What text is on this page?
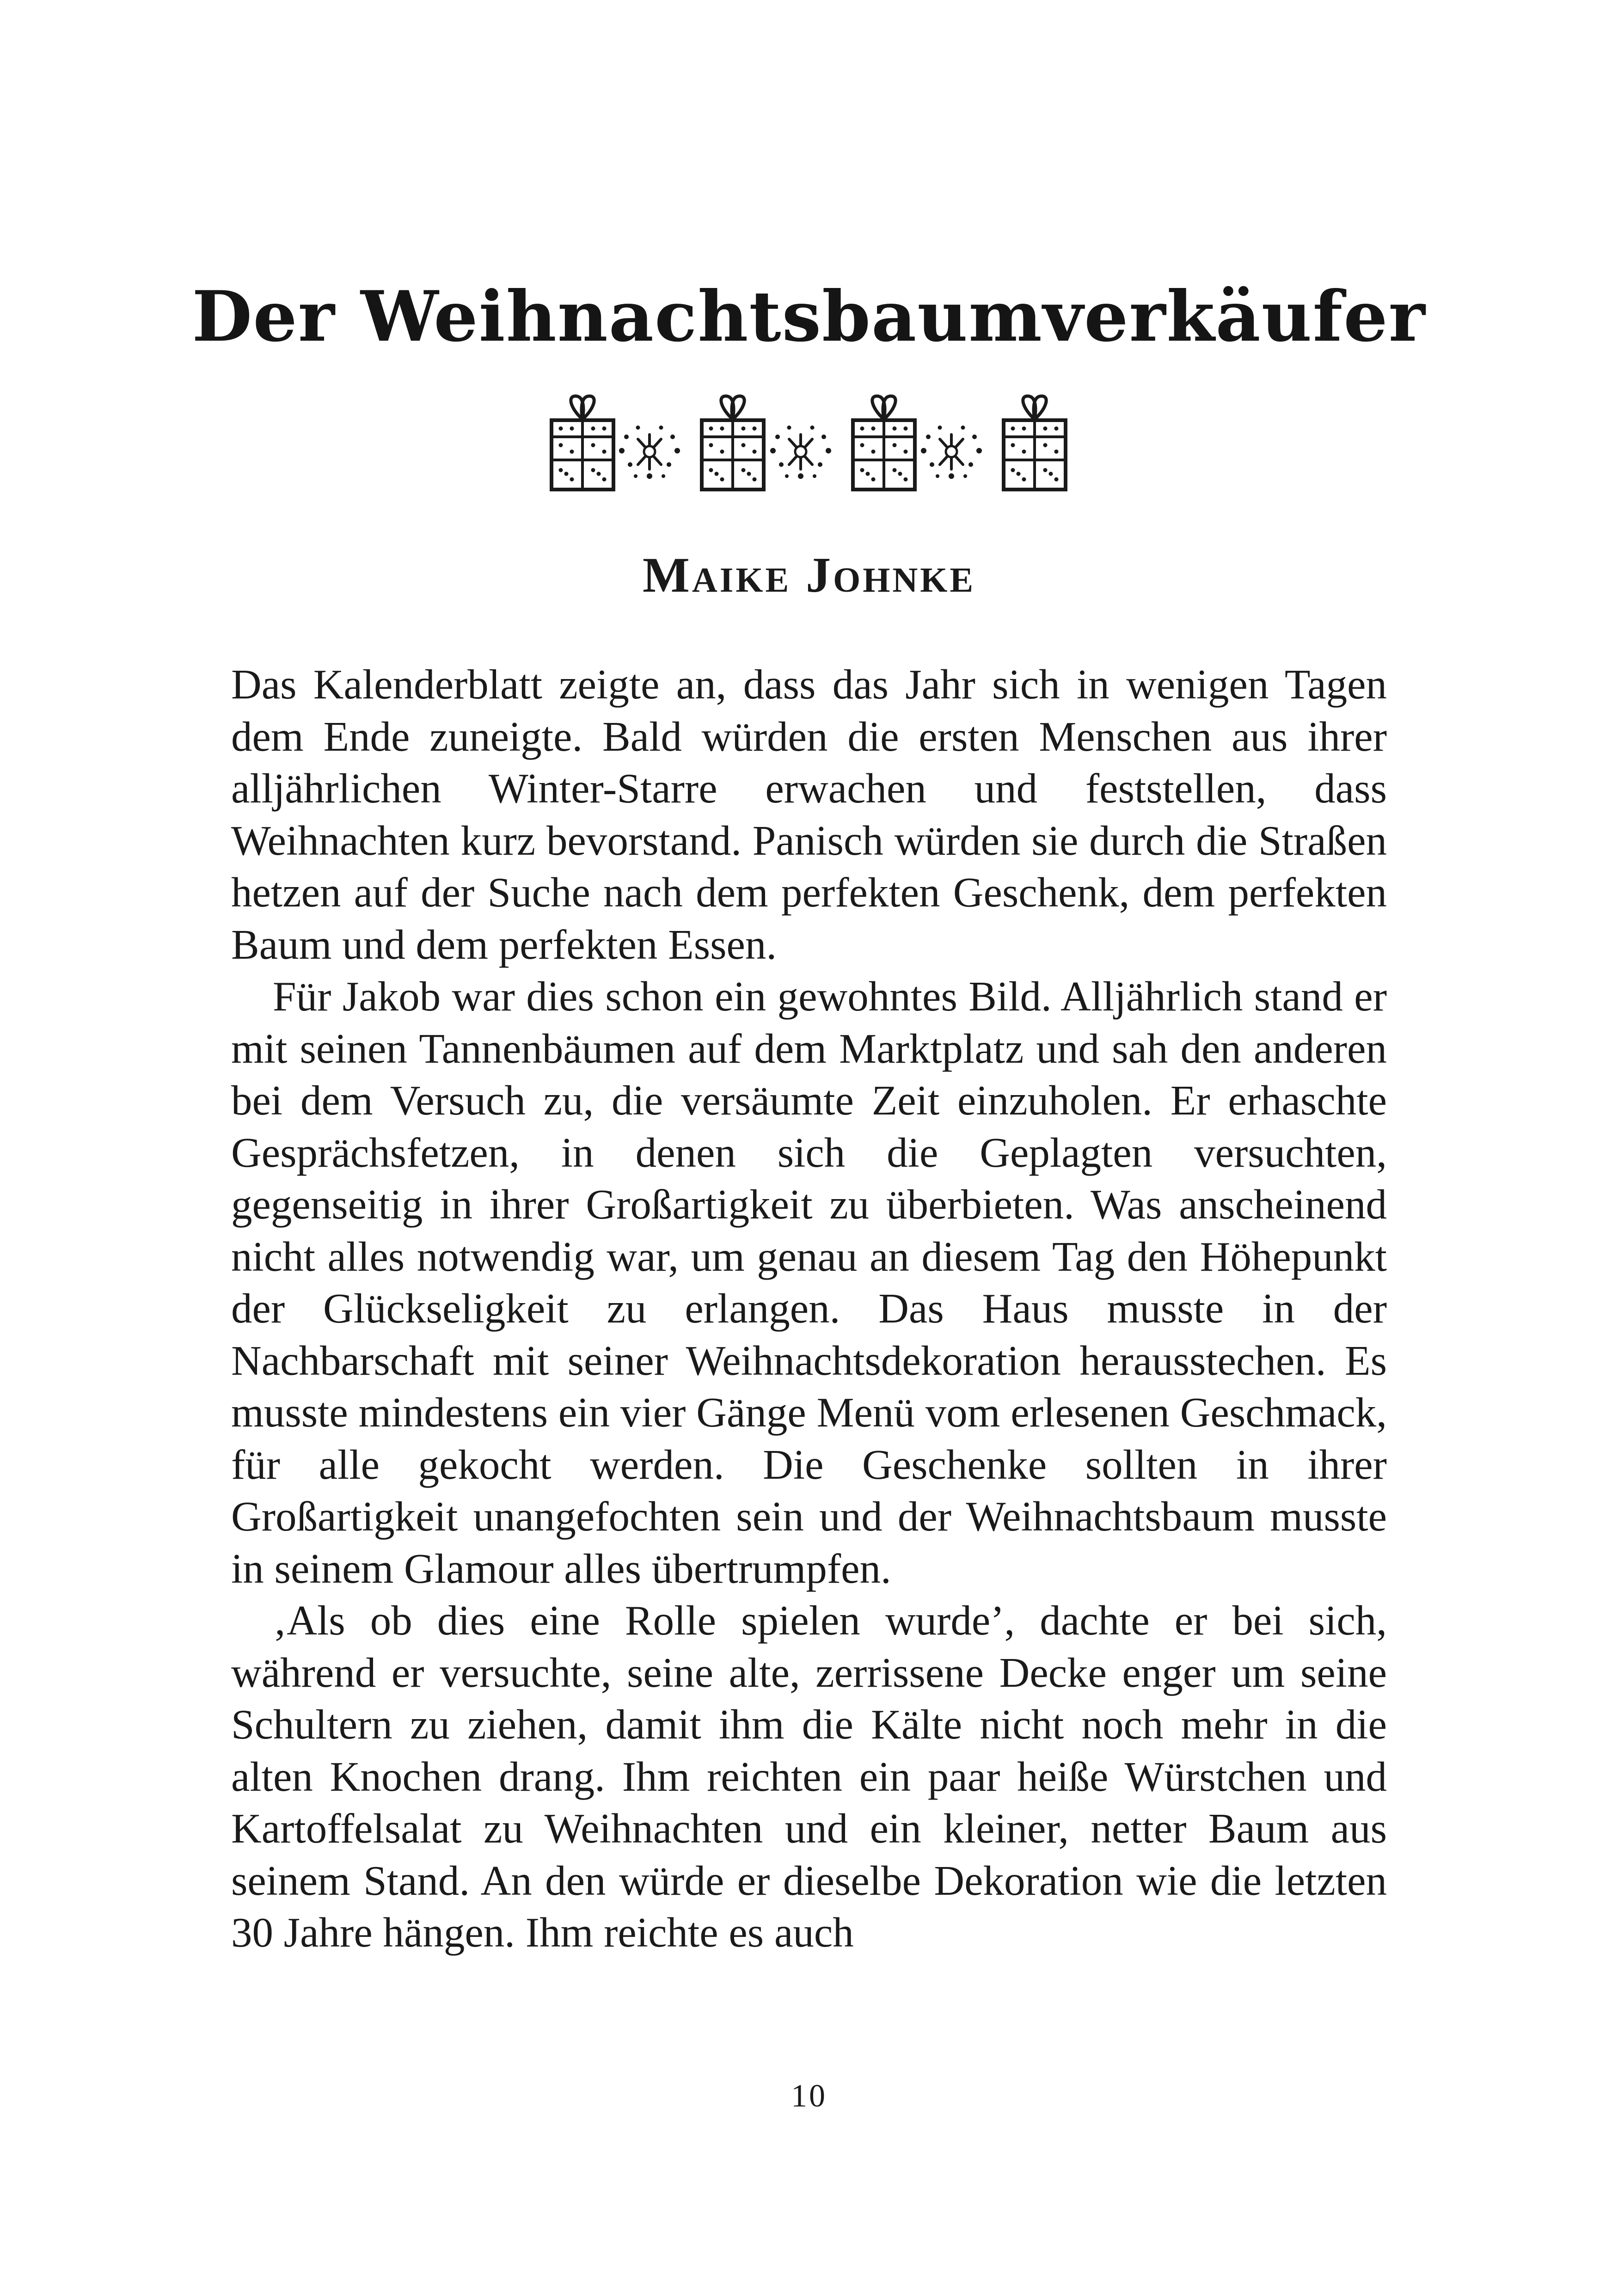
Der Weihnachtsbaumverkäufer
Maike Johnke

Das Kalenderblatt zeigte an, dass das Jahr sich in wenigen Tagen dem Ende zuneigte. Bald würden die ersten Menschen aus ihrer alljährlichen Winter-Starre erwachen und feststellen, dass Weihnachten kurz bevorstand. Panisch würden sie durch die Straßen hetzen auf der Suche nach dem perfekten Geschenk, dem perfekten Baum und dem perfekten Essen.

Für Jakob war dies schon ein gewohntes Bild. Alljährlich stand er mit seinen Tannenbäumen auf dem Marktplatz und sah den anderen bei dem Versuch zu, die versäumte Zeit einzuholen. Er erhaschte Gesprächsfetzen, in denen sich die Geplagten versuchten, gegenseitig in ihrer Großartigkeit zu überbieten. Was anscheinend nicht alles notwendig war, um genau an diesem Tag den Höhepunkt der Glückseligkeit zu erlangen. Das Haus musste in der Nachbarschaft mit seiner Weihnachtsdekoration herausstechen. Es musste mindestens ein vier Gänge Menü vom erlesenen Geschmack, für alle gekocht werden. Die Geschenke sollten in ihrer Großartigkeit unangefochten sein und der Weihnachtsbaum musste in seinem Glamour alles übertrumpfen.

‚Als ob dies eine Rolle spielen wurde’, dachte er bei sich, während er versuchte, seine alte, zerrissene Decke enger um seine Schultern zu ziehen, damit ihm die Kälte nicht noch mehr in die alten Knochen drang. Ihm reichten ein paar heiße Würstchen und Kartoffelsalat zu Weihnachten und ein kleiner, netter Baum aus seinem Stand. An den würde er dieselbe Dekoration wie die letzten 30 Jahre hängen. Ihm reichte es auch

10
